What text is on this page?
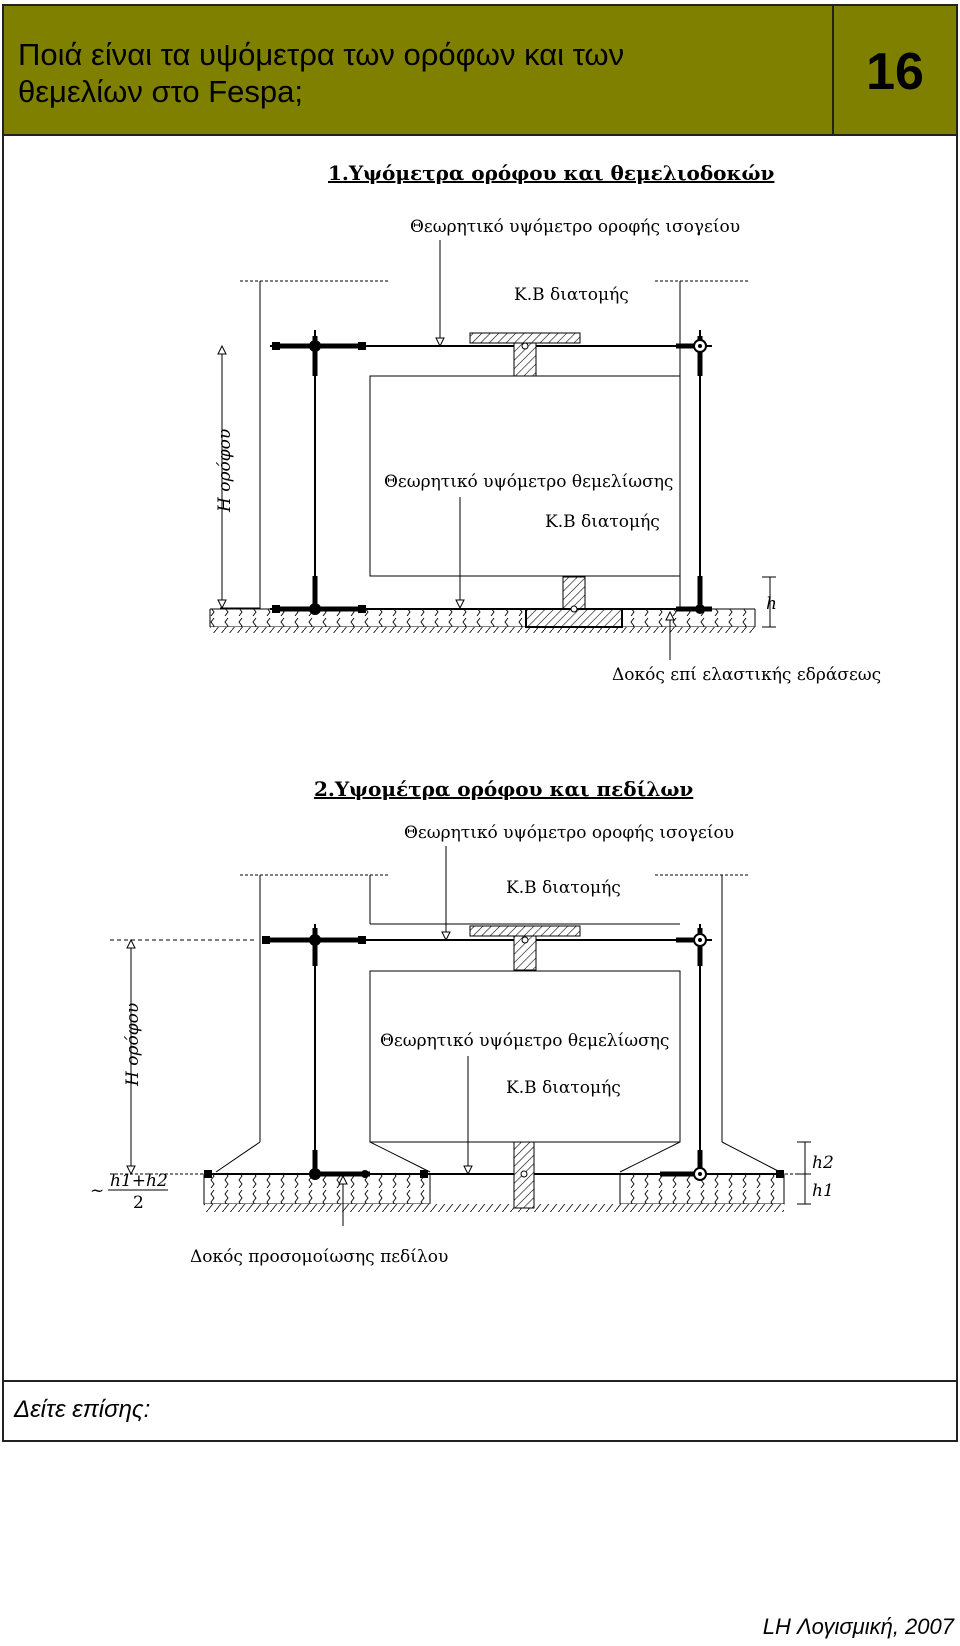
Ποιά είναι τα υψόμετρα των ορόφων και των
θεμελίων στο Fespa;	16
1.Υψόμετρα ορόφου και θεμελιοδοκών
Θεωρητικό υψόμετρο οροφής ισογείου
Κ.Β διατομής
Η ορόφου	Θεωρητικό υψόμετρο θεμελίωσης
Κ.Β διατομής
h
Δοκός επί ελαστικής εδράσεως
2.Υψομέτρα ορόφου και πεδίλων
Θεωρητικό υψόμετρο οροφής ισογείου
Κ.Β διατομής
Η ορόφου	Θεωρητικό υψόμετρο θεμελίωσης
Κ.Β διατομής
h2
h1
~ h1+h2
2
Δοκός προσομοίωσης πεδίλου
Δείτε επίσης:
LH Λογισμική, 2007
